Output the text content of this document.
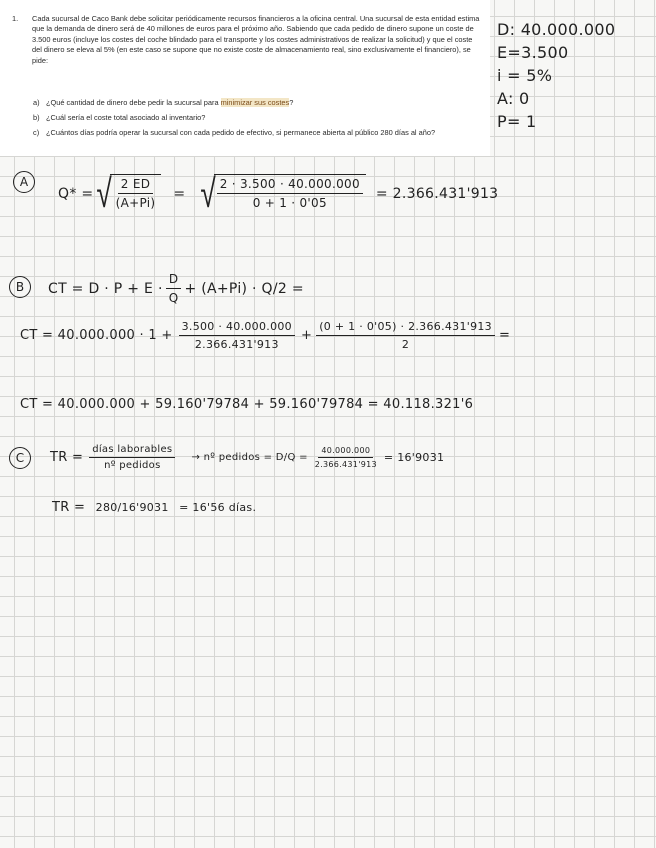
1. Cada sucursal de Caco Bank debe solicitar periódicamente recursos financieros a la oficina central. Una sucursal de esta entidad estima que la demanda de dinero será de 40 millones de euros para el próximo año. Sabiendo que cada pedido de dinero supone un coste de 3.500 euros (incluye los costes del coche blindado para el transporte y los costes administrativos de realizar la solicitud) y que el coste del dinero se eleva al 5% (en este caso se supone que no existe coste de almacenamiento real, sino exclusivamente el financiero), se pide:
a) ¿Qué cantidad de dinero debe pedir la sucursal para minimizar sus costes?
b) ¿Cuál sería el coste total asociado al inventario?
c) ¿Cuántos días podría operar la sucursal con cada pedido de efectivo, si permanece abierta al público 280 días al año?
D: 40.000.000
E=3.500
i = 5%
A: 0
P= 1
A
Q* = √ $\frac{2 ED}{(A+Pi)}$ = √ $\frac{2 \cdot 3.500 \cdot 40.000.000}{0 + 1 \cdot 0'05} = 2.366.431'913$
B	CT = $D \cdot P + E \cdot \frac{D}{Q} + (A+Pi) \cdot Q/2$ =
CT = $40.000.000 \cdot 1 + \frac{3.500 \cdot 40.000.000}{2.366.431'913} + \frac{(0 + 1 \cdot 0'05) \cdot 2.366.431'913}{2}$ =
CT = 40.000.000 + 59.160'79784 + 59.160'79784 = 40.118.321'6
C	TR = $\frac{\text{días laborables}}{\text{nº pedidos}}$ → nº pedidos = $D/Q = \frac{40.000.000}{2.366.431'913} = 16'9031$
TR = 280/16'9031 = 16'56 días.
